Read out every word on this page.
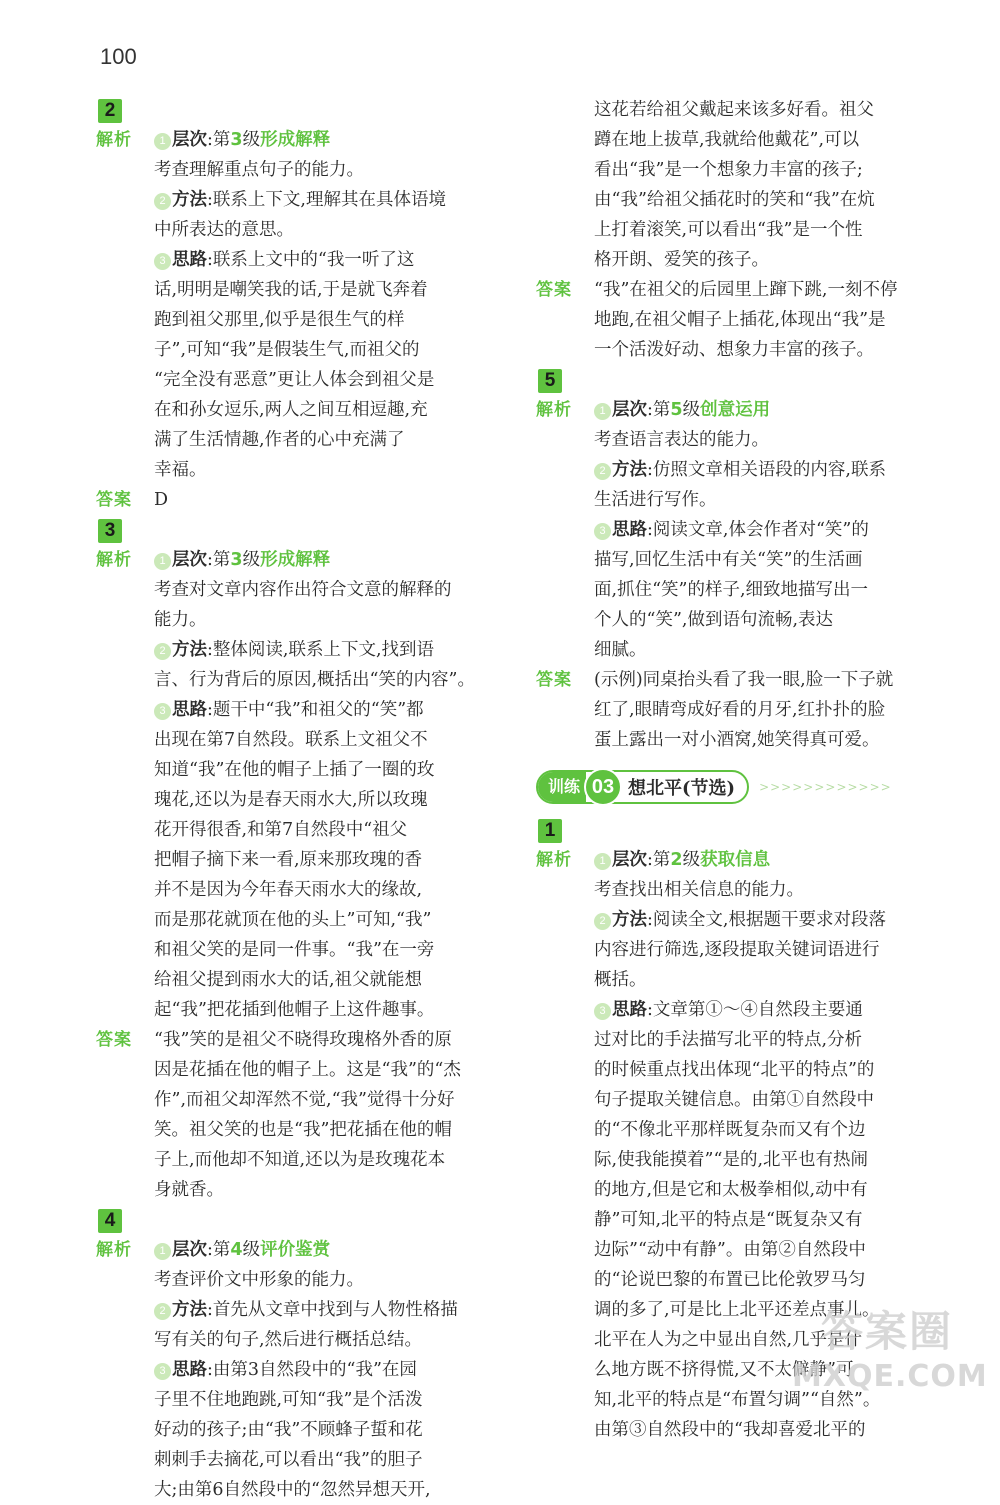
100
2
解析	1 层次:第3级形成解释
考查理解重点句子的能力。
2 方法:联系上下文,理解其在具体语境
中所表达的意思。
3 思路:联系上文中的“我一听了这
话,明明是嘲笑我的话,于是就飞奔着
跑到祖父那里,似乎是很生气的样
子”,可知“我”是假装生气,而祖父的
“完全没有恶意”更让人体会到祖父是
在和孙女逗乐,两人之间互相逗趣,充
满了生活情趣,作者的心中充满了
幸福。
答案	D
3
解析	1 层次:第3级形成解释
考查对文章内容作出符合文意的解释的
能力。
2 方法:整体阅读,联系上下文,找到语
言、行为背后的原因,概括出“笑的内容”。
3 思路:题干中“我”和祖父的“笑”都
出现在第7自然段。联系上文祖父不
知道“我”在他的帽子上插了一圈的玫
瑰花,还以为是春天雨水大,所以玫瑰
花开得很香,和第7自然段中“祖父
把帽子摘下来一看,原来那玫瑰的香
并不是因为今年春天雨水大的缘故,
而是那花就顶在他的头上”可知,“我”
和祖父笑的是同一件事。“我”在一旁
给祖父提到雨水大的话,祖父就能想
起“我”把花插到他帽子上这件趣事。
答案	“我”笑的是祖父不晓得玫瑰格外香的原
因是花插在他的帽子上。这是“我”的“杰
作”,而祖父却浑然不觉,“我”觉得十分好
笑。祖父笑的也是“我”把花插在他的帽
子上,而他却不知道,还以为是玫瑰花本
身就香。
4
解析	1 层次:第4级评价鉴赏
考查评价文中形象的能力。
2 方法:首先从文章中找到与人物性格描
写有关的句子,然后进行概括总结。
3 思路:由第3自然段中的“我”在园
子里不住地跑跳,可知“我”是个活泼
好动的孩子;由“我”不顾蜂子蜇和花
刺刺手去摘花,可以看出“我”的胆子
大;由第6自然段中的“忽然异想天开,
这花若给祖父戴起来该多好看。祖父
蹲在地上拔草,我就给他戴花”,可以
看出“我”是一个想象力丰富的孩子;
由“我”给祖父插花时的笑和“我”在炕
上打着滚笑,可以看出“我”是一个性
格开朗、爱笑的孩子。
答案	“我”在祖父的后园里上蹿下跳,一刻不停
地跑,在祖父帽子上插花,体现出“我”是
一个活泼好动、想象力丰富的孩子。
5
解析	1 层次:第5级创意运用
考查语言表达的能力。
2 方法:仿照文章相关语段的内容,联系
生活进行写作。
3 思路:阅读文章,体会作者对“笑”的
描写,回忆生活中有关“笑”的生活画
面,抓住“笑”的样子,细致地描写出一
个人的“笑”,做到语句流畅,表达
细腻。
答案	(示例)同桌抬头看了我一眼,脸一下子就
红了,眼睛弯成好看的月牙,红扑扑的脸
蛋上露出一对小酒窝,她笑得真可爱。
训练 03 想北平(节选) >>>>>>>>>>>>
1
解析	1 层次:第2级获取信息
考查找出相关信息的能力。
2 方法:阅读全文,根据题干要求对段落
内容进行筛选,逐段提取关键词语进行
概括。
3 思路:文章第①～④自然段主要通
过对比的手法描写北平的特点,分析
的时候重点找出体现“北平的特点”的
句子提取关键信息。由第①自然段中
的“不像北平那样既复杂而又有个边
际,使我能摸着”“是的,北平也有热闹
的地方,但是它和太极拳相似,动中有
静”可知,北平的特点是“既复杂又有
边际”“动中有静”。由第②自然段中
的“论说巴黎的布置已比伦敦罗马匀
调的多了,可是比上北平还差点事儿。
北平在人为之中显出自然,几乎是什
么地方既不挤得慌,又不太僻静”可
知,北平的特点是“布置匀调”“自然”。
由第③自然段中的“我却喜爱北平的
答案圈
MXQE.COM
